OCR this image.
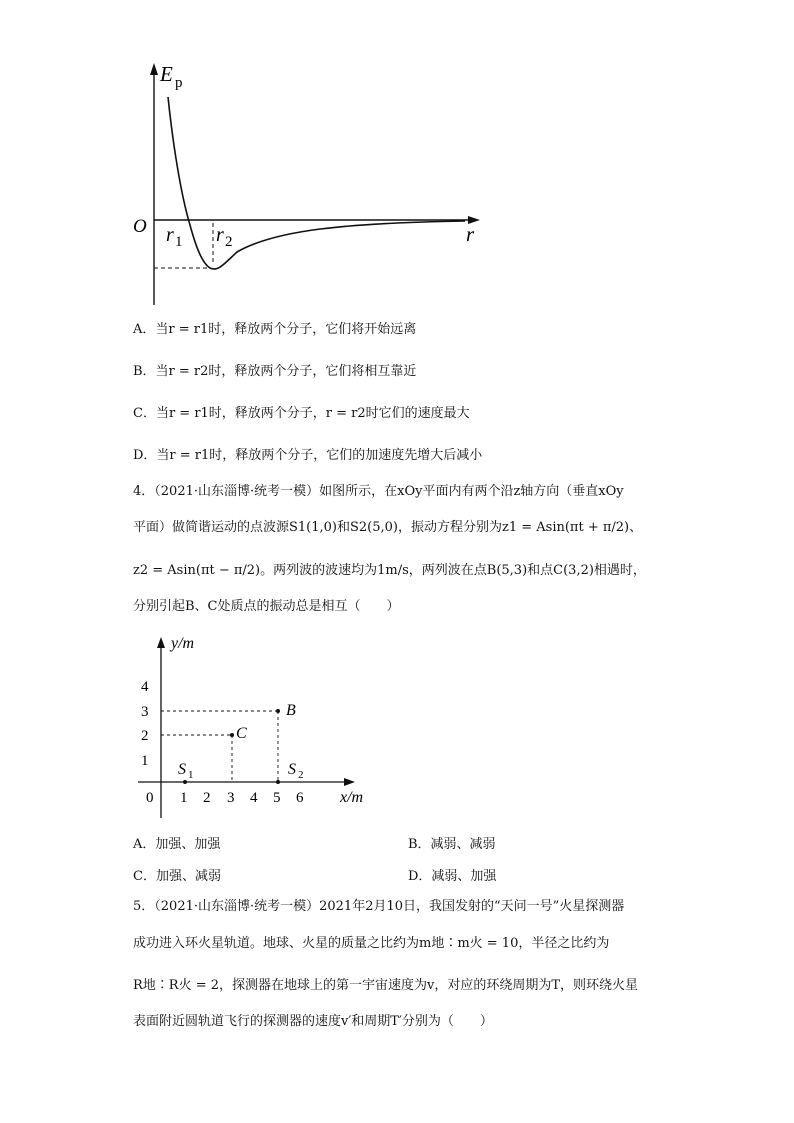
E p
O r 1 r 2	r
A．当r = r1时，释放两个分子，它们将开始远离
B．当r = r2时，释放两个分子，它们将相互靠近
C．当r = r1时，释放两个分子，r = r2时它们的速度最大
D．当r = r1时，释放两个分子，它们的加速度先增大后减小
4．（2021·山东淄博·统考一模）如图所示，在xOy平面内有两个沿z轴方向（垂直xOy
平面）做简谐运动的点波源S1(1,0)和S2(5,0)，振动方程分别为z1 = Asin(πt + π/2)、
z2 = Asin(πt − π/2)。两列波的波速均为1m/s，两列波在点B(5,3)和点C(3,2)相遇时，
分别引起B、C处质点的振动总是相互（　　）
y/m
x/m
0 1 2 3 4 5 6
1
2
3
4
B
C
S 1	S 2
A．加强、加强	B．减弱、减弱
C．加强、减弱	D．减弱、加强
5．（2021·山东淄博·统考一模）2021年2月10日，我国发射的“天问一号”火星探测器
成功进入环火星轨道。地球、火星的质量之比约为m地∶m火 = 10，半径之比约为
R地∶R火 = 2，探测器在地球上的第一宇宙速度为v，对应的环绕周期为T，则环绕火星
表面附近圆轨道飞行的探测器的速度v′和周期T′分别为（　　）
